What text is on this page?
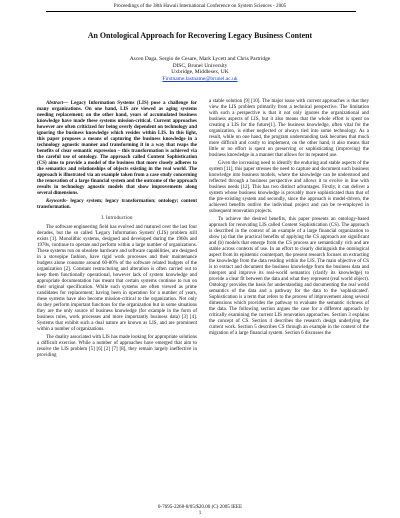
Proceedings of the 38th Hawaii International Conference on System Sciences - 2005
An Ontological Approach for Recovering Legacy Business Content
Ascen Daga, Sergio de Cesare, Mark Lycett and Chris Partridge
DISC, Brunel University
Uxbridge, Middlesex, UK
Firstname.lastname@brunel.ac.uk

Abstract— Legacy Information Systems (LIS) pose a challenge for many organizations. On one hand, LIS are viewed as aging systems needing replacement; on the other hand, years of accumulated business knowledge have made these systems mission-critical. Current approaches however are often criticized for being overly dependent on technology and ignoring the business knowledge which resides within LIS. In this light, this paper proposes a means of capturing the business knowledge in a technology agnostic manner and transforming it in a way that reaps the benefits of clear semantic expression – this transformation is achieved via the careful use of ontology. The approach called Content Sophistication (CS) aims to provide a model of the business that more closely adheres to the semantics and relationships of objects existing in the real world. The approach is illustrated via an example taken from a case study concerning the renovation of a large financial system and the outcome of the approach results in technology agnostic models that show improvements along several dimensions.

Keywords- legacy system; legacy transformation; ontology; content transformation.

I. Introduction

The software engineering field has evolved and matured over the last four decades, but the so called 'Legacy Information System' (LIS) problem still exists [1]. Monolithic systems, designed and developed during the 1960s and 1970s, continue to operate and perform within a large number of organizations. These systems run on obsolete hardware and software capabilities, are designed in a stovepipe fashion, have rigid work processes and their maintenance budgets alone consume around 60-80% of the software related budgets of the organization [2]. Constant restructuring and alteration is often carried out to keep them functionally operational, however lack of system knowledge and appropriate documentation has meant that certain systems continue to run on their original specification. While such systems are often viewed as prime candidates for replacement; having been in operation for a number of years, these systems have also become mission-critical to the organization. Not only do they perform important functions for the organization but in some situations they are the only source of business knowledge (for example in the form of business rules, work processes and more importantly business data) [3] [4]. Systems that exhibit such a dual nature are known as LIS, and are prominent within a number of organizations.

The duality associated with LIS has made looking for appropriate solutions a difficult exercise. While a number of approaches have emerged that aim to resolve the LIS problem [5] [6] [2] [7] [8], they remain largely ineffective in providing

a stable solution [9] [10]. The major issue with current approaches is that they view the LIS problem primarily from a technical perspective. The limitation with such a perspective is that it not only ignores the organizational and business aspects of LIS, but it also means that the whole effort is spent on creating a LIS for the future[1]. The business knowledge, often vital for the organization, is either neglected or always tied into some technology. As a result, while on one hand, the program understanding task becomes that much more difficult and costly to implement, on the other hand, it also means that little or no effort is spent on preserving or sophisticating (improving) the business knowledge in a manner that allows for its repeated use.

Given the increasing need to identify the enduring and stable aspects of the system [11], this paper stresses the need to capture and document such business knowledge into business models, where the knowledge can be understood and reflected through a business perspective and allows it to evolve in line with business needs [12]. This has two distinct advantages. Firstly, it can deliver a system whose business knowledge is provably more sophisticated than that of the pre-existing system and secondly, since the approach is model-driven, the achieved benefits outlive the individual project and can be re-employed in subsequent renovation projects.

To achieve the desired benefits, this paper presents an ontology-based approach for renovating LIS called Content Sophistication (CS). The approach is described in the context of an example of a large financial organization to show (a) that the practical benefits of applying the CS approach are significant and (b) models that emerge from the CS process are semantically rich and are stable across contexts of use. In an effort to clearly distinguish the ontological aspect from its epistemic counterpart, the present research focuses on extracting the knowledge from the data residing within the LIS. The main objective of CS is to extract and document the business knowledge from the business data and interpret and improve its real-world semantics (clarify its knowledge) to provide a clear fit between the data and what they represent (real world object). Ontology provides the basis for understanding and documenting the real world semantics of the data and a pathway for the data to the 'sophisticated'. Sophistication is a term that refers to the process of improvement along several dimensions which provides the pathway to evaluate the semantic richness of the data. The following section argues the case for a different approach by critically examining the current LIS renovation approaches. Section 3 explains the concept of CS. Section 4 describes the research design underlying the current work. Section 5 describes CS through an example in the context of the migration of a large financial system. Section 6 discusses the

0-7695-2268-8/05/$20.00 (C) 2005 IEEE
1
